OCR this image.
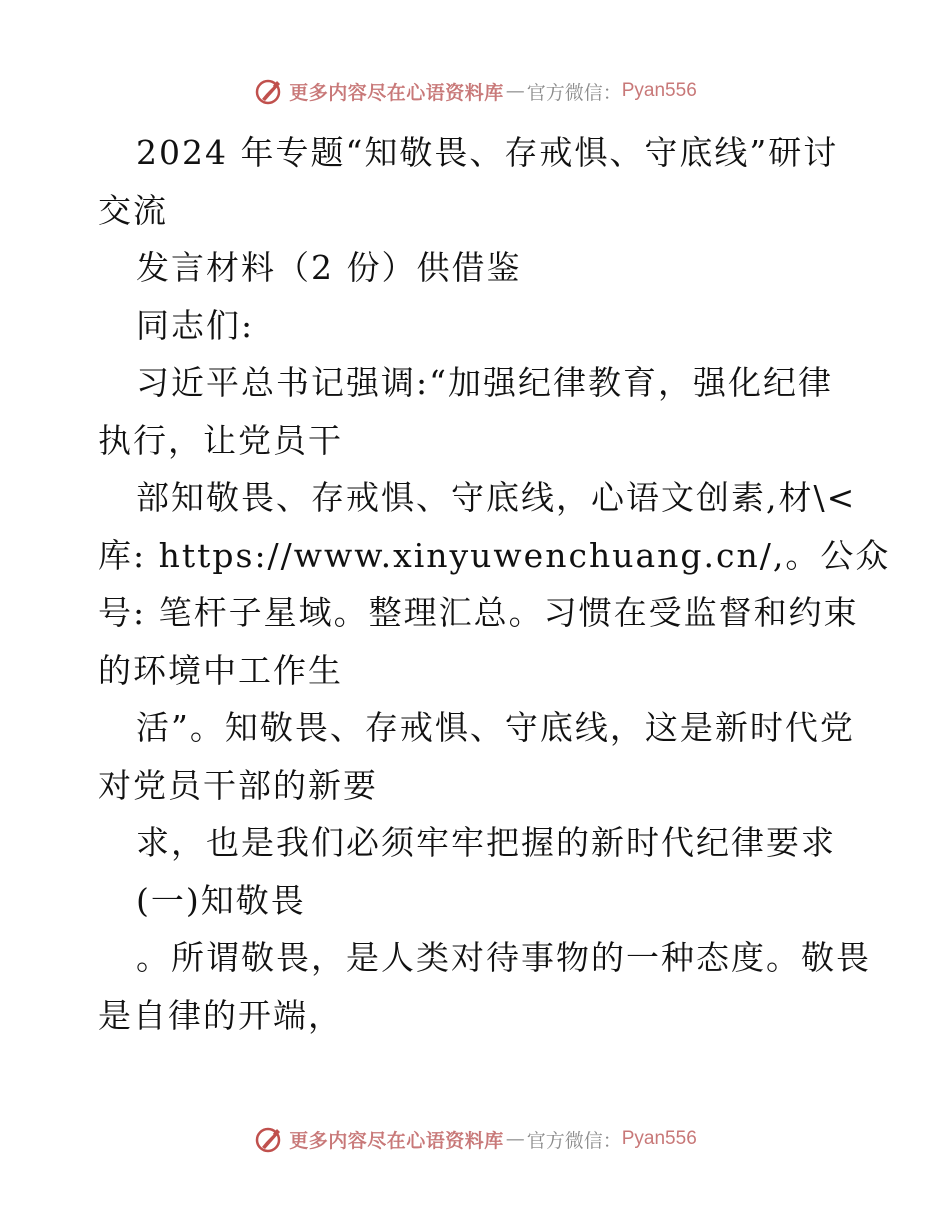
更多内容尽在心语资料库 — 官方微信： Pyan556
2024 年专题“知敬畏、存戒惧、守底线”研讨
交流
发言材料（2 份）供借鉴
同志们:
习近平总书记强调:“加强纪律教育，强化纪律
执行，让党员干
部知敬畏、存戒惧、守底线，心语文创素,材\<
库: https://www.xinyuwenchuang.cn/,。公众
号: 笔杆子星域。整理汇总。习惯在受监督和约束
的环境中工作生
活”。知敬畏、存戒惧、守底线，这是新时代党
对党员干部的新要
求，也是我们必须牢牢把握的新时代纪律要求
(一)知敬畏
。所谓敬畏，是人类对待事物的一种态度。敬畏
是自律的开端，
更多内容尽在心语资料库 — 官方微信： Pyan556
